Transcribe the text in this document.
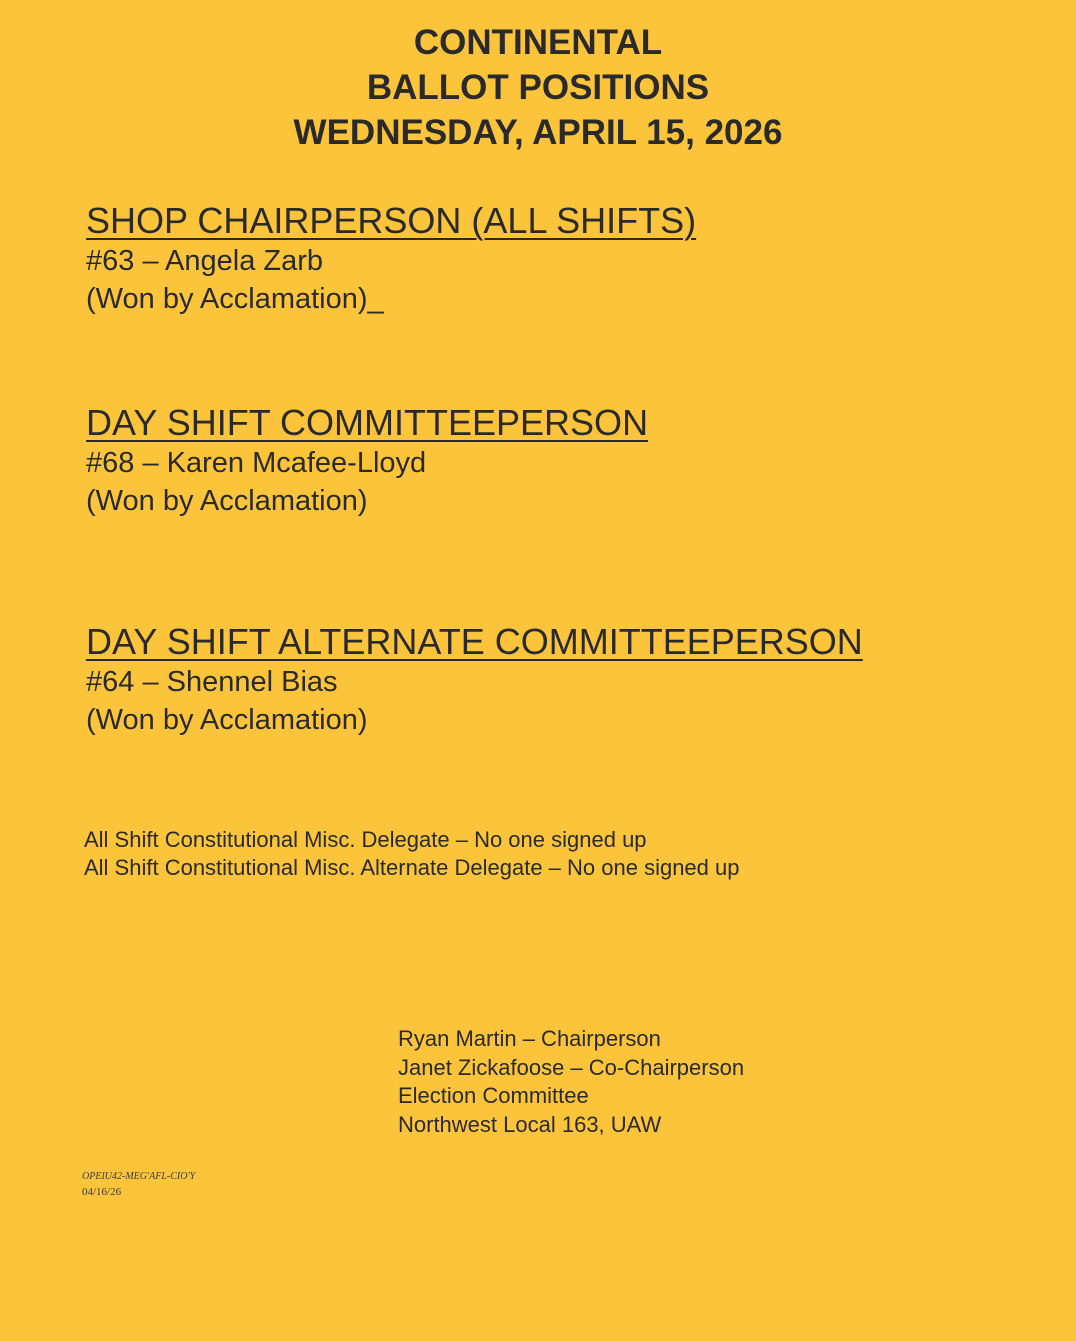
CONTINENTAL
BALLOT POSITIONS
WEDNESDAY, APRIL 15, 2026
SHOP CHAIRPERSON (ALL SHIFTS)
#63 – Angela Zarb
(Won by Acclamation)_
DAY SHIFT COMMITTEEPERSON
#68 – Karen Mcafee-Lloyd
(Won by Acclamation)
DAY SHIFT ALTERNATE COMMITTEEPERSON
#64 – Shennel Bias
(Won by Acclamation)
All Shift Constitutional Misc. Delegate – No one signed up
All Shift Constitutional Misc. Alternate Delegate – No one signed up
Ryan Martin – Chairperson
Janet Zickafoose – Co-Chairperson
Election Committee
Northwest Local 163, UAW
OPEIU42-MEG'AFL-CIO'Y
04/16/26
